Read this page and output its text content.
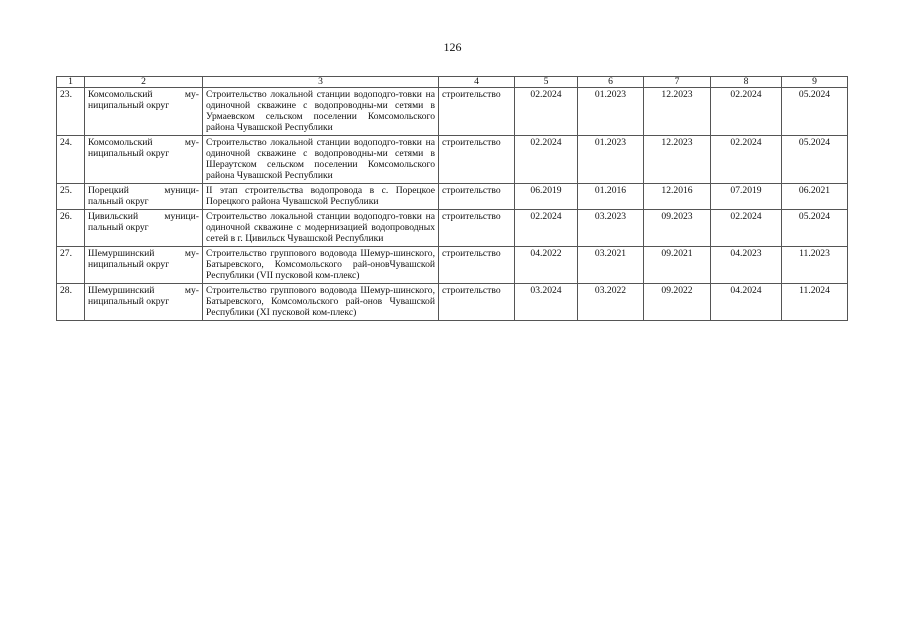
126
1	2	3	4	5	6	7	8	9
23.	Комсомольский му-ниципальный округ	Строительство локальной станции водоподго-товки на одиночной скважине с водопроводны-ми сетями в Урмаевском сельском поселении Комсомольского района Чувашской Республики	строительство	02.2024	01.2023	12.2023	02.2024	05.2024
24.	Комсомольский му-ниципальный округ	Строительство локальной станции водоподго-товки на одиночной скважине с водопроводны-ми сетями в Шераутском сельском поселении Комсомольского района Чувашской Республики	строительство	02.2024	01.2023	12.2023	02.2024	05.2024
25.	Порецкий муници-пальный округ	II этап строительства водопровода в с. Порецкое Порецкого района Чувашской Республики	строительство	06.2019	01.2016	12.2016	07.2019	06.2021
26.	Цивильский муници-пальный округ	Строительство локальной станции водоподго-товки на одиночной скважине с модернизацией водопроводных сетей в г. Цивильск Чувашской Республики	строительство	02.2024	03.2023	09.2023	02.2024	05.2024
27.	Шемуршинский му-ниципальный округ	Строительство группового водовода Шемур-шинского, Батыревского, Комсомольского рай-оновЧувашской Республики (VII пусковой ком-плекс)	строительство	04.2022	03.2021	09.2021	04.2023	11.2023
28.	Шемуршинский му-ниципальный округ	Строительство группового водовода Шемур-шинского, Батыревского, Комсомольского рай-онов Чувашской Республики (XI пусковой ком-плекс)	строительство	03.2024	03.2022	09.2022	04.2024	11.2024
